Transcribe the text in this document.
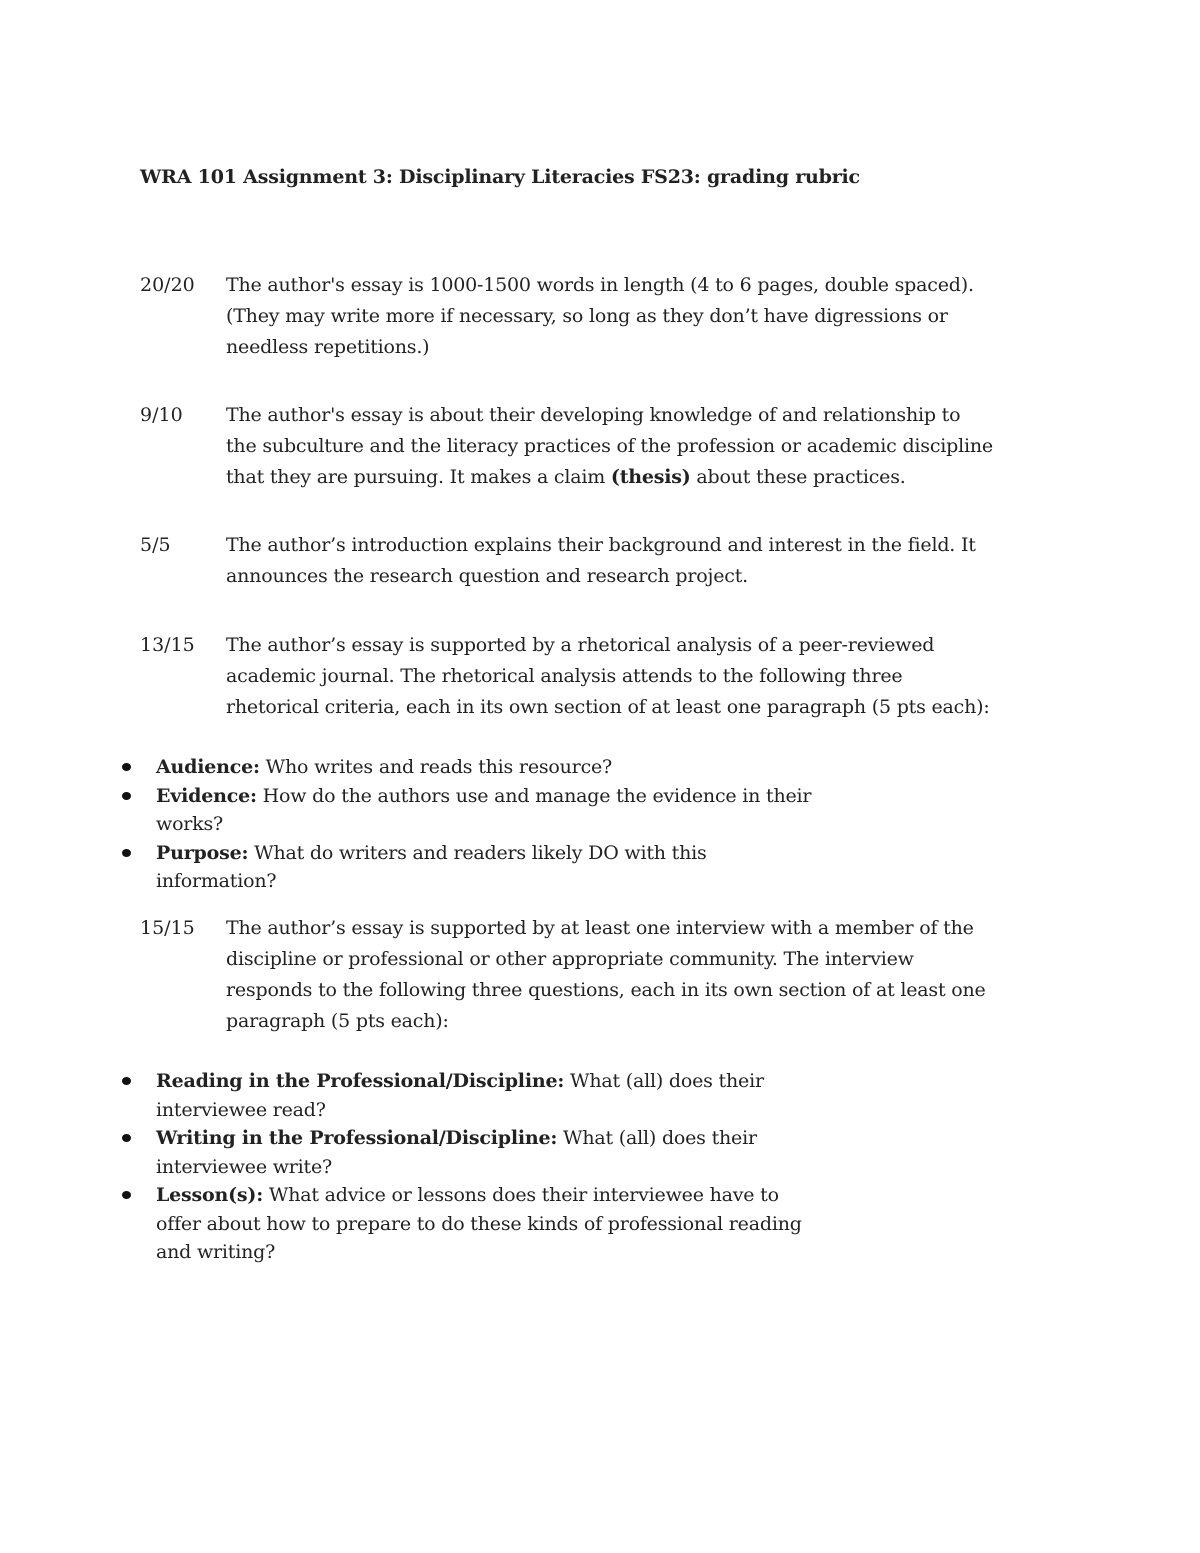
WRA 101 Assignment 3: Disciplinary Literacies FS23: grading rubric
20/20	The author's essay is 1000-1500 words in length (4 to 6 pages, double spaced). (They may write more if necessary, so long as they don’t have digressions or needless repetitions.)
9/10	The author's essay is about their developing knowledge of and relationship to the subculture and the literacy practices of the profession or academic discipline that they are pursuing. It makes a claim (thesis) about these practices.
5/5	The author’s introduction explains their background and interest in the field. It announces the research question and research project.
13/15	The author’s essay is supported by a rhetorical analysis of a peer-reviewed academic journal. The rhetorical analysis attends to the following three rhetorical criteria, each in its own section of at least one paragraph (5 pts each):
Audience: Who writes and reads this resource?
Evidence: How do the authors use and manage the evidence in their works?
Purpose: What do writers and readers likely DO with this information?
15/15	The author’s essay is supported by at least one interview with a member of the discipline or professional or other appropriate community. The interview responds to the following three questions, each in its own section of at least one paragraph (5 pts each):
Reading in the Professional/Discipline: What (all) does their interviewee read?
Writing in the Professional/Discipline: What (all) does their interviewee write?
Lesson(s): What advice or lessons does their interviewee have to offer about how to prepare to do these kinds of professional reading and writing?
